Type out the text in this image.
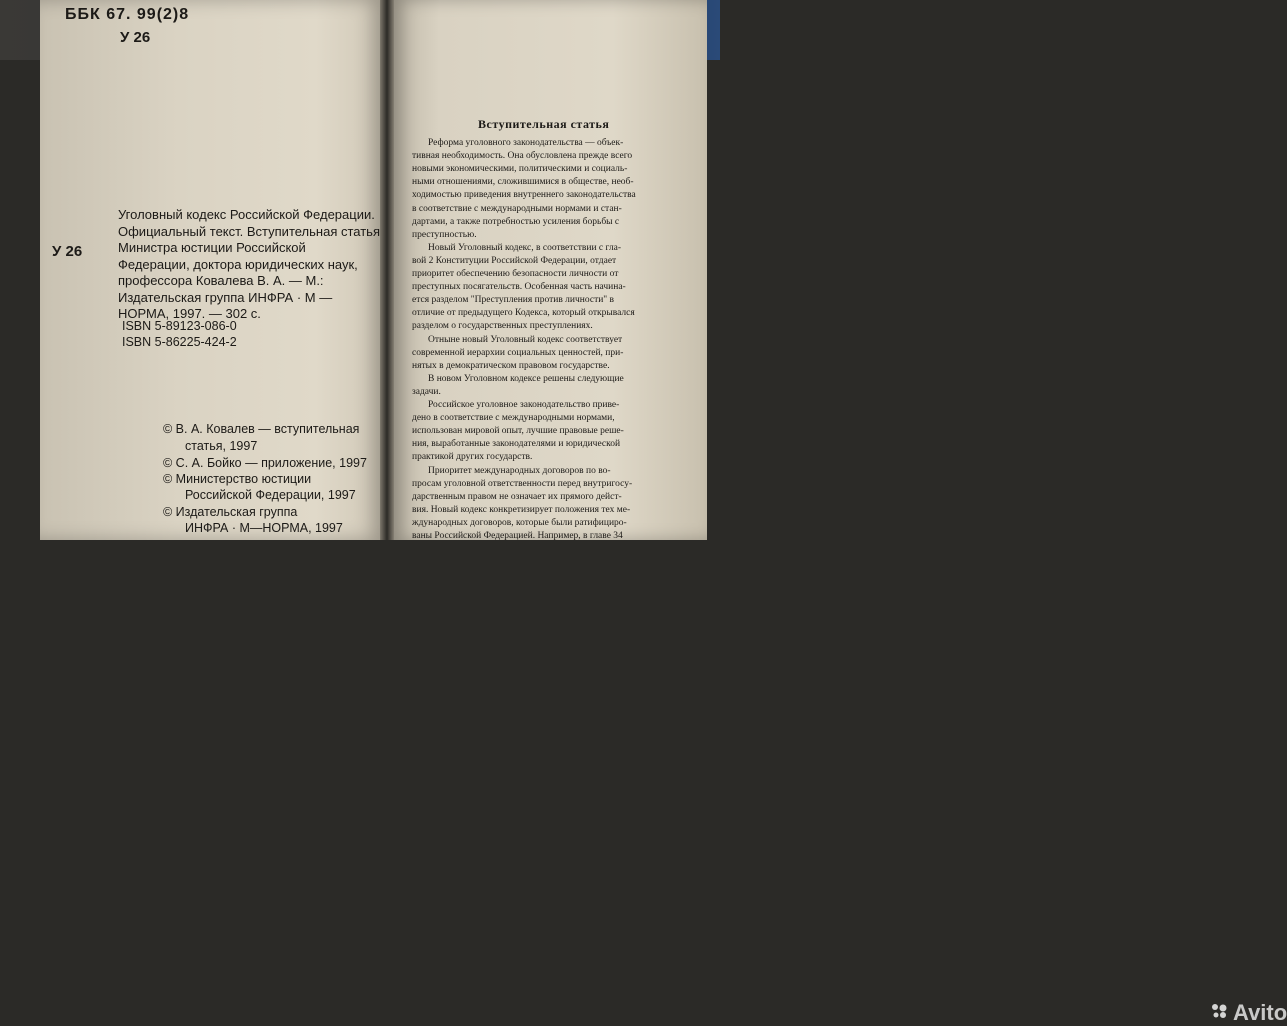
ББК 67. 99(2)8
У 26
У 26
Уголовный кодекс Российской Федерации. Официальный текст. Вступительная статья Министра юстиции Российской Федерации, доктора юридических наук, профессора Ковалева В. А. — М.: Издательская группа ИНФРА · М — НОРМА, 1997. — 302 с.
ISBN 5-89123-086-0
ISBN 5-86225-424-2
© В. А. Ковалев — вступительная
статья, 1997
© С. А. Бойко — приложение, 1997
© Министерство юстиции
Российской Федерации, 1997
© Издательская группа
ИНФРА · М—НОРМА, 1997
Вступительная статья
Реформа уголовного законодательства — объек-
тивная необходимость. Она обусловлена прежде всего
новыми экономическими, политическими и социаль-
ными отношениями, сложившимися в обществе, необ-
ходимостью приведения внутреннего законодательства
в соответствие с международными нормами и стан-
дартами, а также потребностью усиления борьбы с
преступностью.
Новый Уголовный кодекс, в соответствии с гла-
вой 2 Конституции Российской Федерации, отдает
приоритет обеспечению безопасности личности от
преступных посягательств. Особенная часть начина-
ется разделом "Преступления против личности" в
отличие от предыдущего Кодекса, который открывался
разделом о государственных преступлениях.
Отныне новый Уголовный кодекс соответствует
современной иерархии социальных ценностей, при-
нятых в демократическом правовом государстве.
В новом Уголовном кодексе решены следующие
задачи.
Российское уголовное законодательство приве-
дено в соответствие с международными нормами,
использован мировой опыт, лучшие правовые реше-
ния, выработанные законодателями и юридической
практикой других государств.
Приоритет международных договоров по во-
просам уголовной ответственности перед внутригосу-
дарственным правом не означает их прямого дейст-
вия. Новый кодекс конкретизирует положения тех ме-
ждународных договоров, которые были ратифициро-
ваны Российской Федерацией. Например, в главе 34
Avito
